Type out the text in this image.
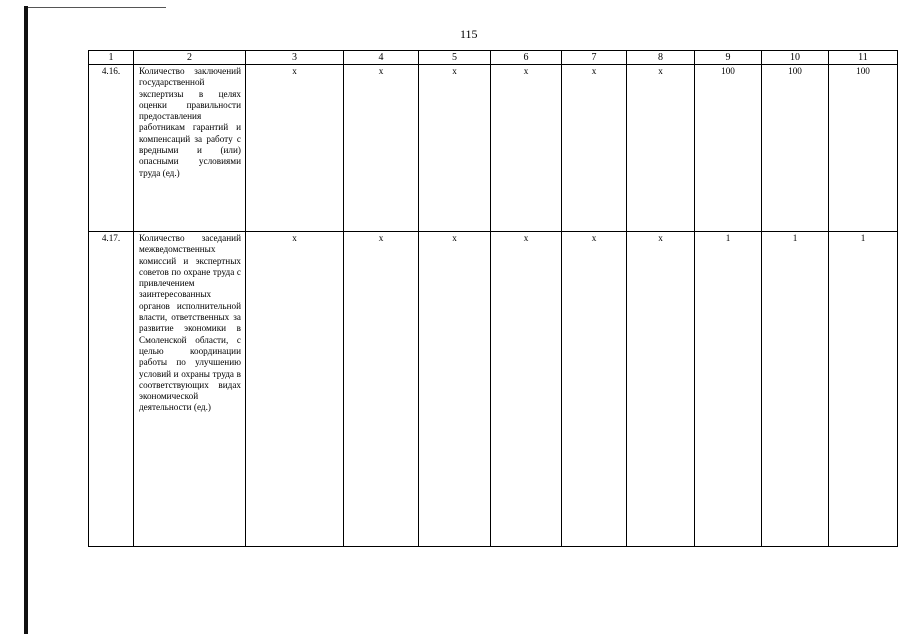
115
1	2	3	4	5	6	7	8	9	10	11
4.16.	Количество заключений государственной экспертизы в целях оценки правильности предоставления работникам гарантий и компенсаций за работу с вредными и (или) опасными условиями труда (ед.)	x	x	x	x	x	x	100	100	100
4.17.	Количество заседаний межведомственных комиссий и экспертных советов по охране труда с привлечением заинтересованных органов исполнительной власти, ответственных за развитие экономики в Смоленской области, с целью координации работы по улучшению условий и охраны труда в соответствующих видах экономической деятельности (ед.)	x	x	x	x	x	x	1	1	1
